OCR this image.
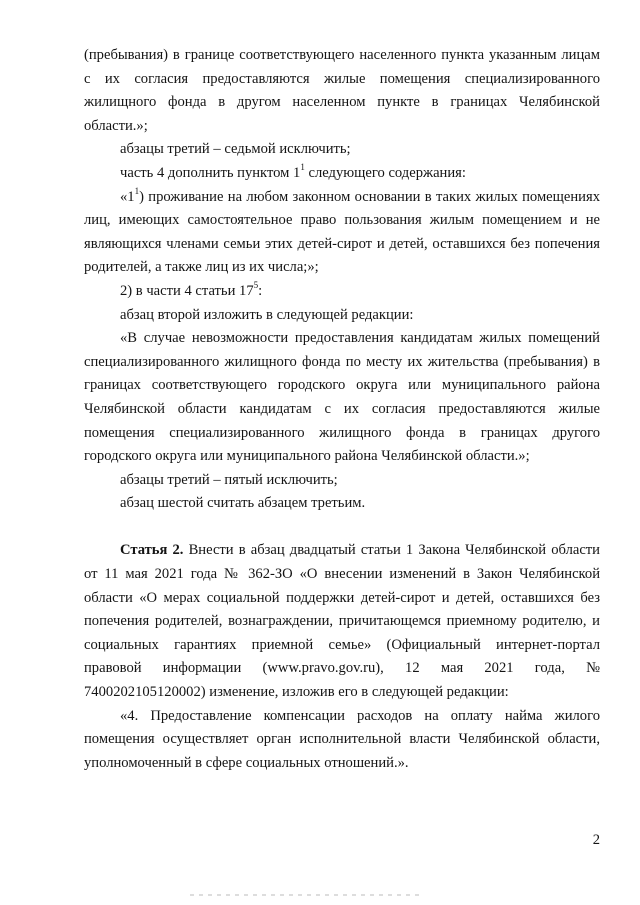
(пребывания) в границе соответствующего населенного пункта указанным лицам с их согласия предоставляются жилые помещения специализированного жилищного фонда в другом населенном пункте в границах Челябинской области.»;

абзацы третий – седьмой исключить;

часть 4 дополнить пунктом $1^1$ следующего содержания:

«$1^1$) проживание на любом законном основании в таких жилых помещениях лиц, имеющих самостоятельное право пользования жилым помещением и не являющихся членами семьи этих детей-сирот и детей, оставшихся без попечения родителей, а также лиц из их числа;»;

2) в части 4 статьи $17^5$:

абзац второй изложить в следующей редакции:

«В случае невозможности предоставления кандидатам жилых помещений специализированного жилищного фонда по месту их жительства (пребывания) в границах соответствующего городского округа или муниципального района Челябинской области кандидатам с их согласия предоставляются жилые помещения специализированного жилищного фонда в границах другого городского округа или муниципального района Челябинской области.»;

абзацы третий – пятый исключить;

абзац шестой считать абзацем третьим.

Статья 2. Внести в абзац двадцатый статьи 1 Закона Челябинской области от 11 мая 2021 года № 362-ЗО «О внесении изменений в Закон Челябинской области «О мерах социальной поддержки детей-сирот и детей, оставшихся без попечения родителей, вознаграждении, причитающемся приемному родителю, и социальных гарантиях приемной семье» (Официальный интернет-портал правовой информации (www.pravo.gov.ru), 12 мая 2021 года, № 7400202105120002) изменение, изложив его в следующей редакции:

«4. Предоставление компенсации расходов на оплату найма жилого помещения осуществляет орган исполнительной власти Челябинской области, уполномоченный в сфере социальных отношений.».

2
